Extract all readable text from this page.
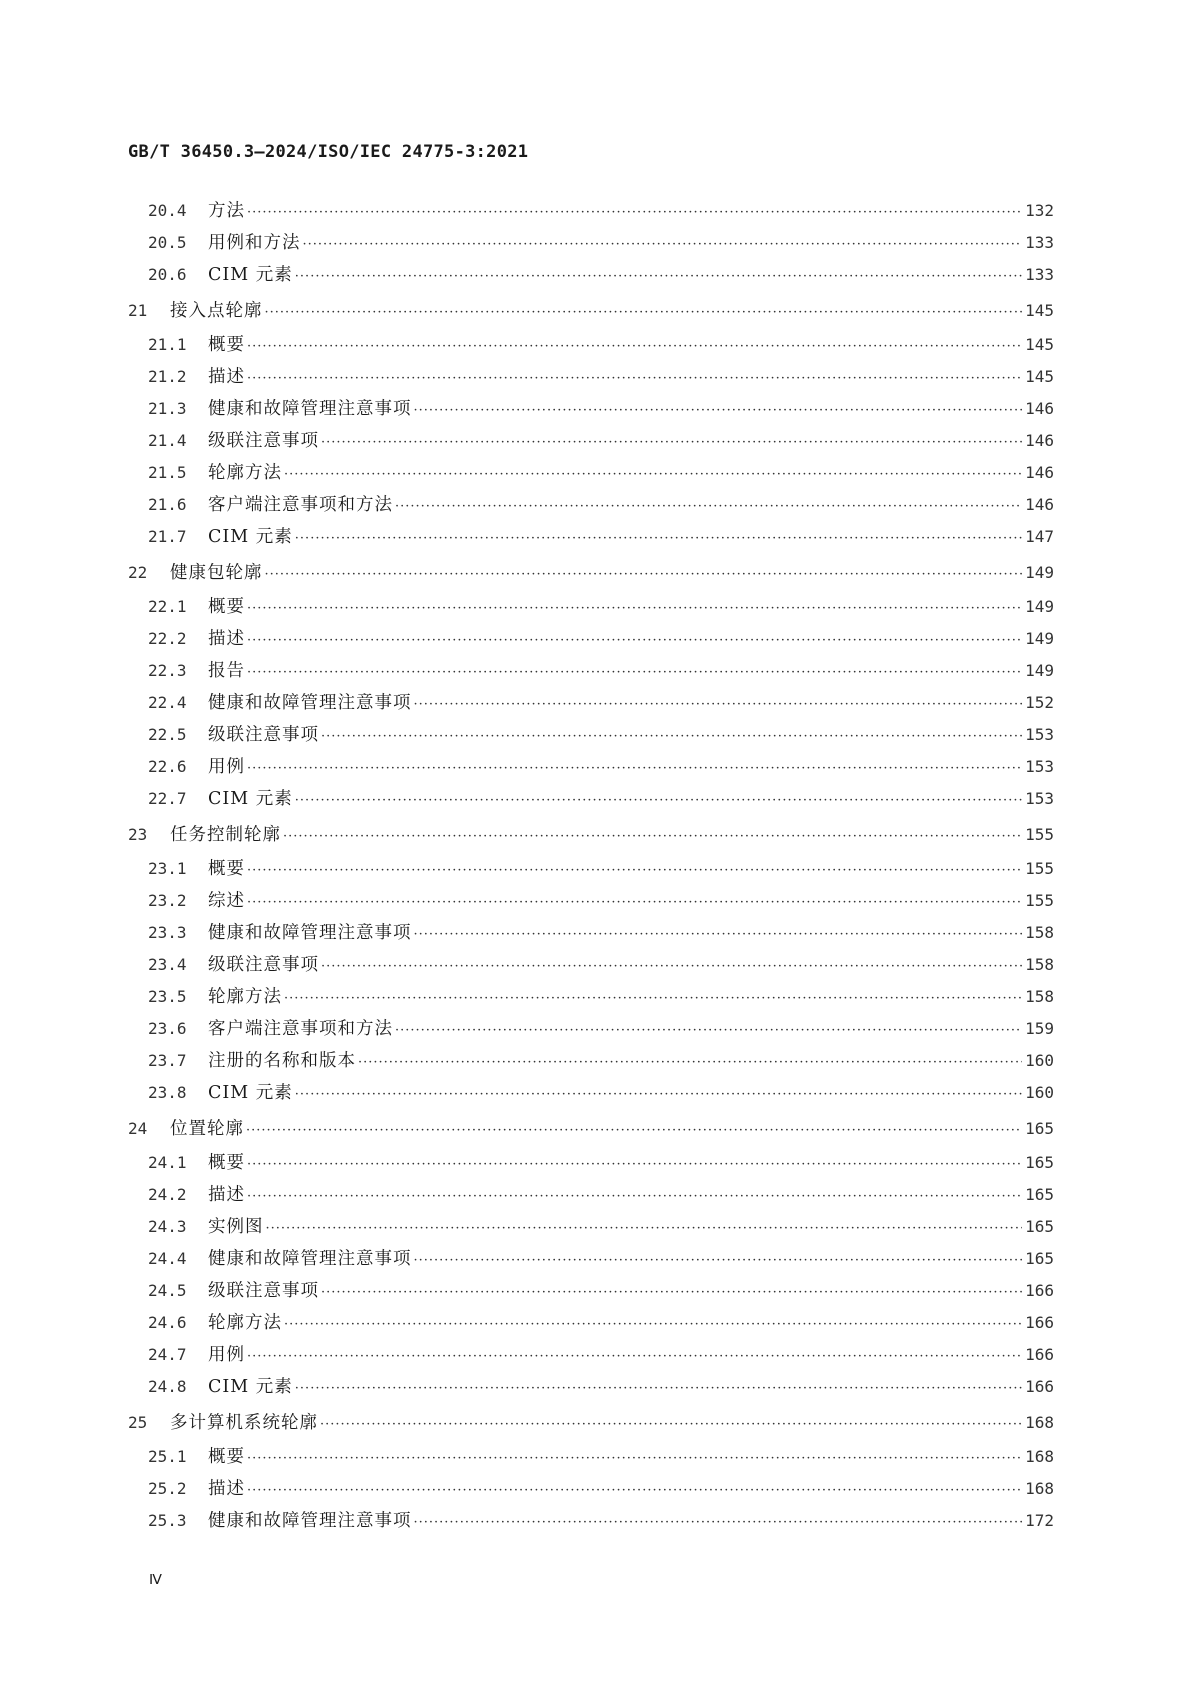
GB/T 36450.3—2024/ISO/IEC 24775-3:2021
20.4	方法 ·····	132
20.5	用例和方法 ·····	133
20.6	CIM 元素 ·····	133
21	接入点轮廓 ·····	145
21.1	概要 ·····	145
21.2	描述 ·····	145
21.3	健康和故障管理注意事项 ·····	146
21.4	级联注意事项 ·····	146
21.5	轮廓方法 ·····	146
21.6	客户端注意事项和方法 ·····	146
21.7	CIM 元素 ·····	147
22	健康包轮廓 ·····	149
22.1	概要 ·····	149
22.2	描述 ·····	149
22.3	报告 ·····	149
22.4	健康和故障管理注意事项 ·····	152
22.5	级联注意事项 ·····	153
22.6	用例 ·····	153
22.7	CIM 元素 ·····	153
23	任务控制轮廓 ·····	155
23.1	概要 ·····	155
23.2	综述 ·····	155
23.3	健康和故障管理注意事项 ·····	158
23.4	级联注意事项 ·····	158
23.5	轮廓方法 ·····	158
23.6	客户端注意事项和方法 ·····	159
23.7	注册的名称和版本 ·····	160
23.8	CIM 元素 ·····	160
24	位置轮廓 ·····	165
24.1	概要 ·····	165
24.2	描述 ·····	165
24.3	实例图 ·····	165
24.4	健康和故障管理注意事项 ·····	165
24.5	级联注意事项 ·····	166
24.6	轮廓方法 ·····	166
24.7	用例 ·····	166
24.8	CIM 元素 ·····	166
25	多计算机系统轮廓 ·····	168
25.1	概要 ·····	168
25.2	描述 ·····	168
25.3	健康和故障管理注意事项 ·····	172
Ⅳ
